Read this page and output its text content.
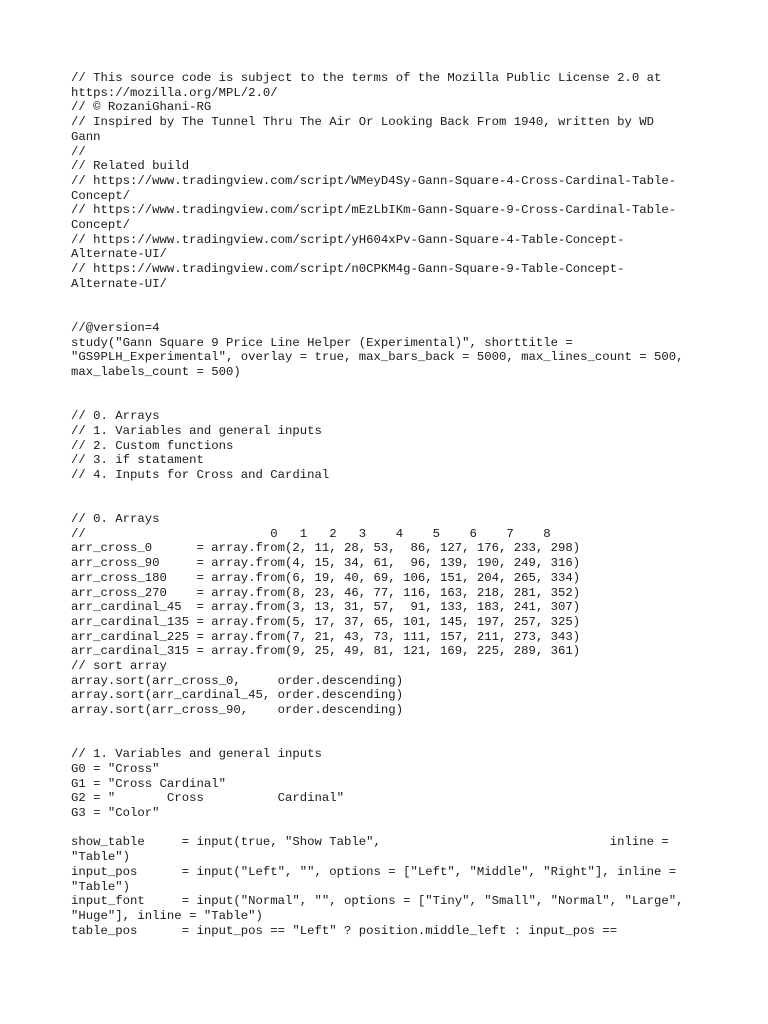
// This source code is subject to the terms of the Mozilla Public License 2.0 at
https://mozilla.org/MPL/2.0/
// © RozaniGhani-RG
// Inspired by The Tunnel Thru The Air Or Looking Back From 1940, written by WD
Gann
//
// Related build
// https://www.tradingview.com/script/WMeyD4Sy-Gann-Square-4-Cross-Cardinal-Table-
Concept/
// https://www.tradingview.com/script/mEzLbIKm-Gann-Square-9-Cross-Cardinal-Table-
Concept/
// https://www.tradingview.com/script/yH604xPv-Gann-Square-4-Table-Concept-
Alternate-UI/
// https://www.tradingview.com/script/n0CPKM4g-Gann-Square-9-Table-Concept-
Alternate-UI/
//@version=4
study("Gann Square 9 Price Line Helper (Experimental)", shorttitle =
"GS9PLH_Experimental", overlay = true, max_bars_back = 5000, max_lines_count = 500,
max_labels_count = 500)
// 0. Arrays
// 1. Variables and general inputs
// 2. Custom functions
// 3. if statament
// 4. Inputs for Cross and Cardinal
// 0. Arrays
//                         0   1   2   3    4    5    6    7    8
arr_cross_0      = array.from(2, 11, 28, 53,  86, 127, 176, 233, 298)
arr_cross_90     = array.from(4, 15, 34, 61,  96, 139, 190, 249, 316)
arr_cross_180    = array.from(6, 19, 40, 69, 106, 151, 204, 265, 334)
arr_cross_270    = array.from(8, 23, 46, 77, 116, 163, 218, 281, 352)
arr_cardinal_45  = array.from(3, 13, 31, 57,  91, 133, 183, 241, 307)
arr_cardinal_135 = array.from(5, 17, 37, 65, 101, 145, 197, 257, 325)
arr_cardinal_225 = array.from(7, 21, 43, 73, 111, 157, 211, 273, 343)
arr_cardinal_315 = array.from(9, 25, 49, 81, 121, 169, 225, 289, 361)
// sort array
array.sort(arr_cross_0,     order.descending)
array.sort(arr_cardinal_45, order.descending)
array.sort(arr_cross_90,    order.descending)
// 1. Variables and general inputs
G0 = "Cross"
G1 = "Cross Cardinal"
G2 = "       Cross          Cardinal"
G3 = "Color"
show_table     = input(true, "Show Table",                               inline =
"Table")
input_pos      = input("Left", "", options = ["Left", "Middle", "Right"], inline =
"Table")
input_font     = input("Normal", "", options = ["Tiny", "Small", "Normal", "Large",
"Huge"], inline = "Table")
table_pos      = input_pos == "Left" ? position.middle_left : input_pos ==
